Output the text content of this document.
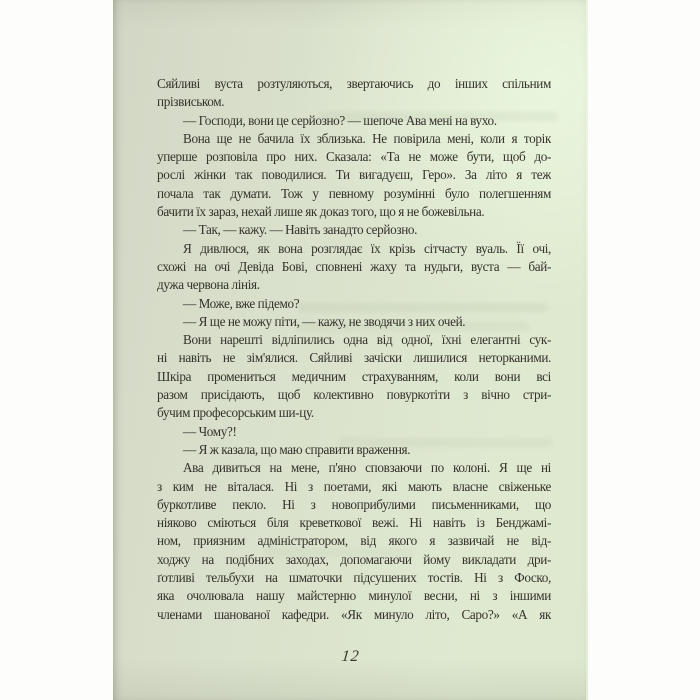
Сяйливі вуста розтуляються, звертаючись до інших спільним
прізвиськом.
— Господи, вони це серйозно? — шепоче Ава мені на вухо.
Вона ще не бачила їх зблизька. Не повірила мені, коли я торік
уперше розповіла про них. Сказала: «Та не може бути, щоб до-
рослі жінки так поводилися. Ти вигадуєш, Геро». За літо я теж
почала так думати. Тож у певному розумінні було полегшенням
бачити їх зараз, нехай лише як доказ того, що я не божевільна.
— Так, — кажу. — Навіть занадто серйозно.
Я дивлюся, як вона розглядає їх крізь сітчасту вуаль. Її очі,
схожі на очі Девіда Бові, сповнені жаху та нудьги, вуста — бай-
дужа червона лінія.
— Може, вже підемо?
— Я ще не можу піти, — кажу, не зводячи з них очей.
Вони нарешті відліпились одна від одної, їхні елегантні сук-
ні навіть не зім'ялися. Сяйливі зачіски лишилися неторканими.
Шкіра промениться медичним страхуванням, коли вони всі
разом присідають, щоб колективно повуркотіти з вічно стри-
бучим професорським ши-цу.
— Чому?!
— Я ж казала, що маю справити враження.
Ава дивиться на мене, п'яно сповзаючи по колоні. Я ще ні
з ким не віталася. Ні з поетами, які мають власне свіженьке
буркотливе пекло. Ні з новоприбулими письменниками, що
ніяково сміються біля креветкової вежі. Ні навіть із Бенджамі-
ном, приязним адміністратором, від якого я зазвичай не від-
ходжу на подібних заходах, допомагаючи йому викладати дри-
ґотливі тельбухи на шматочки підсушених тостів. Ні з Фоско,
яка очолювала нашу майстерню минулої весни, ні з іншими
членами шанованої кафедри. «Як минуло літо, Саро?» «А як
12
